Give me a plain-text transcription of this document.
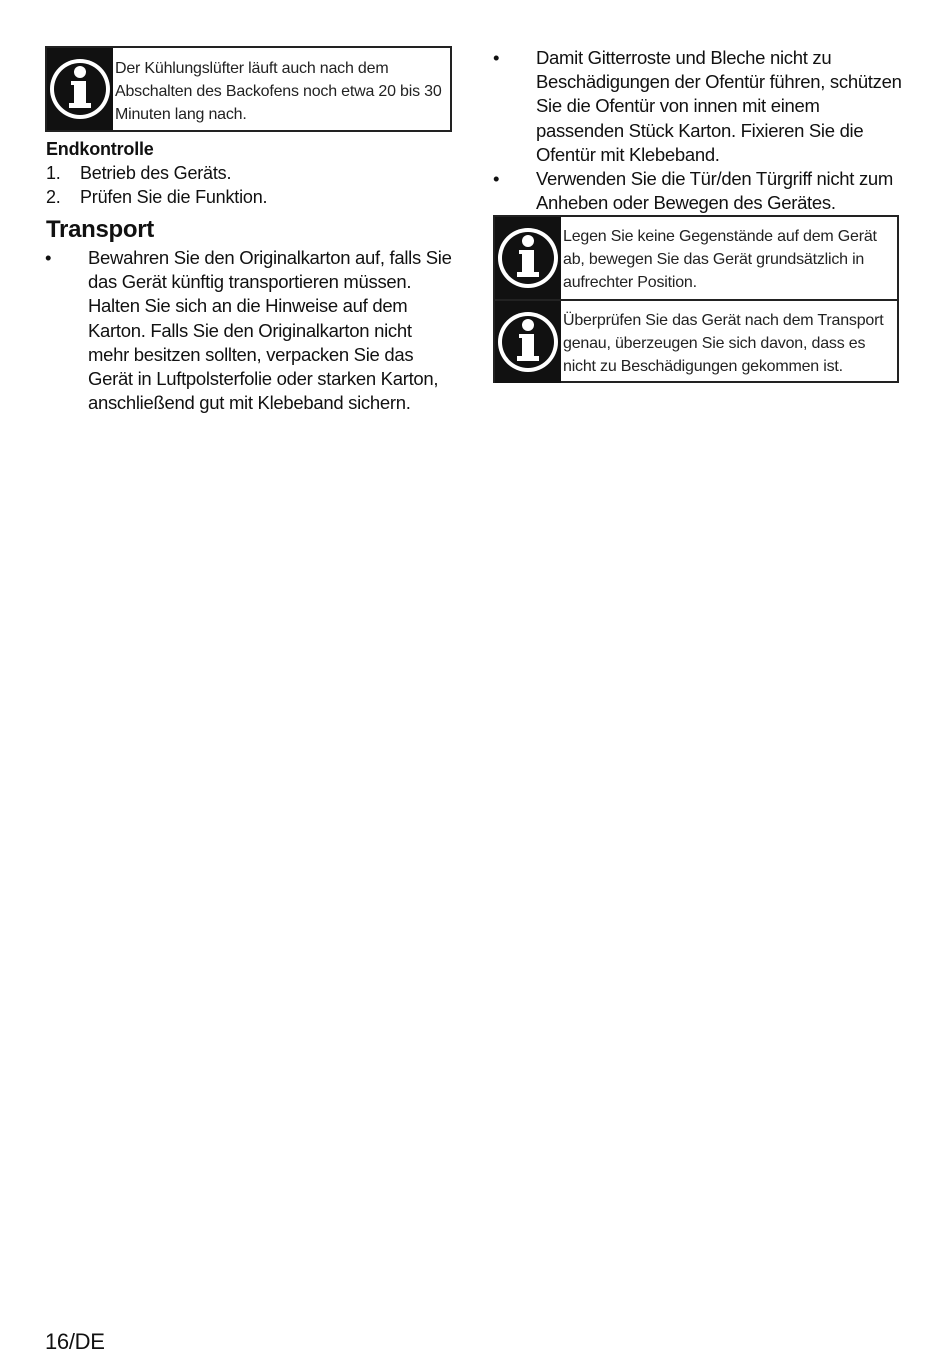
Der Kühlungslüfter läuft auch nach dem Abschalten des Backofens noch etwa 20 bis 30 Minuten lang nach.
Endkontrolle
1. Betrieb des Geräts.
2. Prüfen Sie die Funktion.
Transport
• Bewahren Sie den Originalkarton auf, falls Sie das Gerät künftig transportieren müssen. Halten Sie sich an die Hinweise auf dem Karton. Falls Sie den Originalkarton nicht mehr besitzen sollten, verpacken Sie das Gerät in Luftpolsterfolie oder starken Karton, anschließend gut mit Klebeband sichern.
• Damit Gitterroste und Bleche nicht zu Beschädigungen der Ofentür führen, schützen Sie die Ofentür von innen mit einem passenden Stück Karton. Fixieren Sie die Ofentür mit Klebeband.
• Verwenden Sie die Tür/den Türgriff nicht zum Anheben oder Bewegen des Gerätes.
Legen Sie keine Gegenstände auf dem Gerät ab, bewegen Sie das Gerät grundsätzlich in aufrechter Position.
Überprüfen Sie das Gerät nach dem Transport genau, überzeugen Sie sich davon, dass es nicht zu Beschädigungen gekommen ist.
16/DE
